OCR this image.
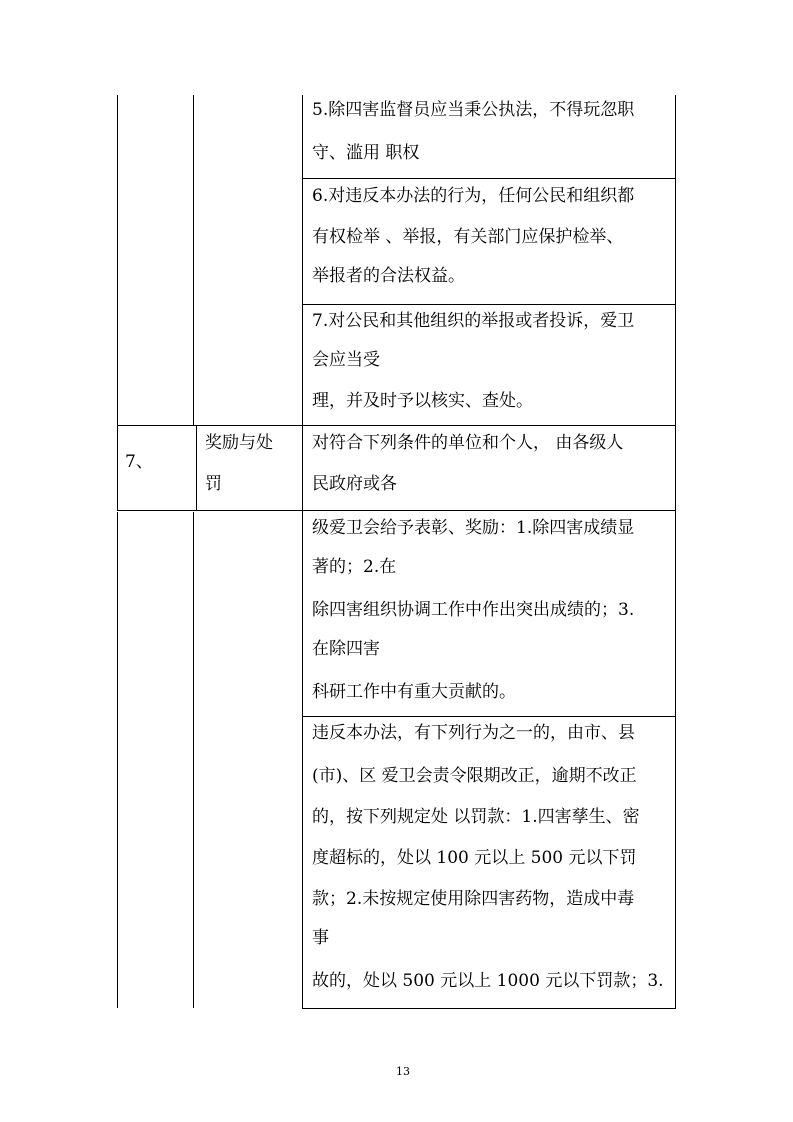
5.除四害监督员应当秉公执法，不得玩忽职
守、滥用 职权
6.对违反本办法的行为，任何公民和组织都
有权检举 、举报，有关部门应保护检举、
举报者的合法权益。
7.对公民和其他组织的举报或者投诉，爱卫
会应当受
理，并及时予以核实、查处。
7、
奖励与处
罚
对符合下列条件的单位和个人， 由各级人
民政府或各
级爱卫会给予表彰、奖励：1.除四害成绩显
著的；2.在
除四害组织协调工作中作出突出成绩的；3.
在除四害
科研工作中有重大贡献的。
违反本办法，有下列行为之一的，由市、县
(市)、区 爱卫会责令限期改正，逾期不改正
的，按下列规定处 以罚款：1.四害孳生、密
度超标的，处以 100 元以上 500 元以下罚
款；2.未按规定使用除四害药物，造成中毒
事
故的，处以 500 元以上 1000 元以下罚款；3.
13
